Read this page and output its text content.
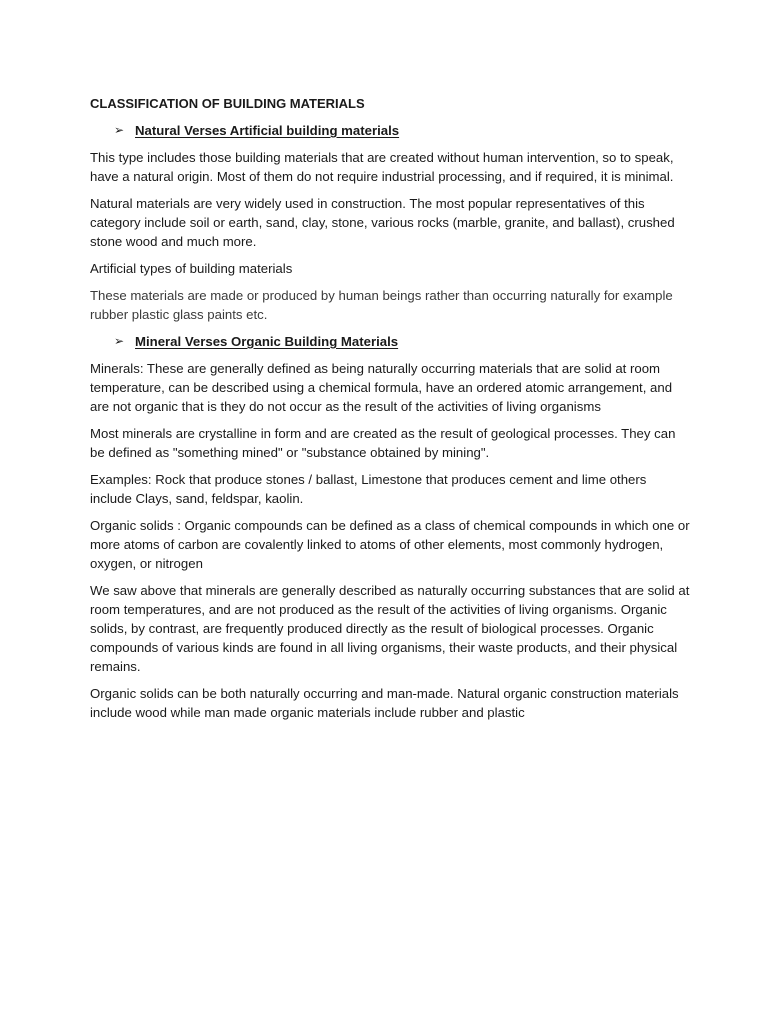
CLASSIFICATION OF BUILDING MATERIALS
➢ Natural Verses Artificial building materials

This type includes those building materials that are created without human intervention, so to speak, have a natural origin. Most of them do not require industrial processing, and if required, it is minimal.

Natural materials are very widely used in construction. The most popular representatives of this category include soil or earth, sand, clay, stone, various rocks (marble, granite, and ballast), crushed stone wood and much more.

Artificial types of building materials

These materials are made or produced by human beings rather than occurring naturally for example rubber plastic glass paints etc.

➢ Mineral Verses Organic Building Materials

Minerals: These are generally defined as being naturally occurring materials that are solid at room temperature, can be described using a chemical formula, have an ordered atomic arrangement, and are not organic that is they do not occur as the result of the activities of living organisms

Most minerals are crystalline in form and are created as the result of geological processes. They can be defined as "something mined" or "substance obtained by mining".

Examples: Rock that produce stones / ballast, Limestone that produces cement and lime others include Clays, sand, feldspar, kaolin.

Organic solids : Organic compounds can be defined as a class of chemical compounds in which one or more atoms of carbon are covalently linked to atoms of other elements, most commonly hydrogen, oxygen, or nitrogen

We saw above that minerals are generally described as naturally occurring substances that are solid at room temperatures, and are not produced as the result of the activities of living organisms. Organic solids, by contrast, are frequently produced directly as the result of biological processes. Organic compounds of various kinds are found in all living organisms, their waste products, and their physical remains.

Organic solids can be both naturally occurring and man-made. Natural organic construction materials include wood while man made organic materials include rubber and plastic
